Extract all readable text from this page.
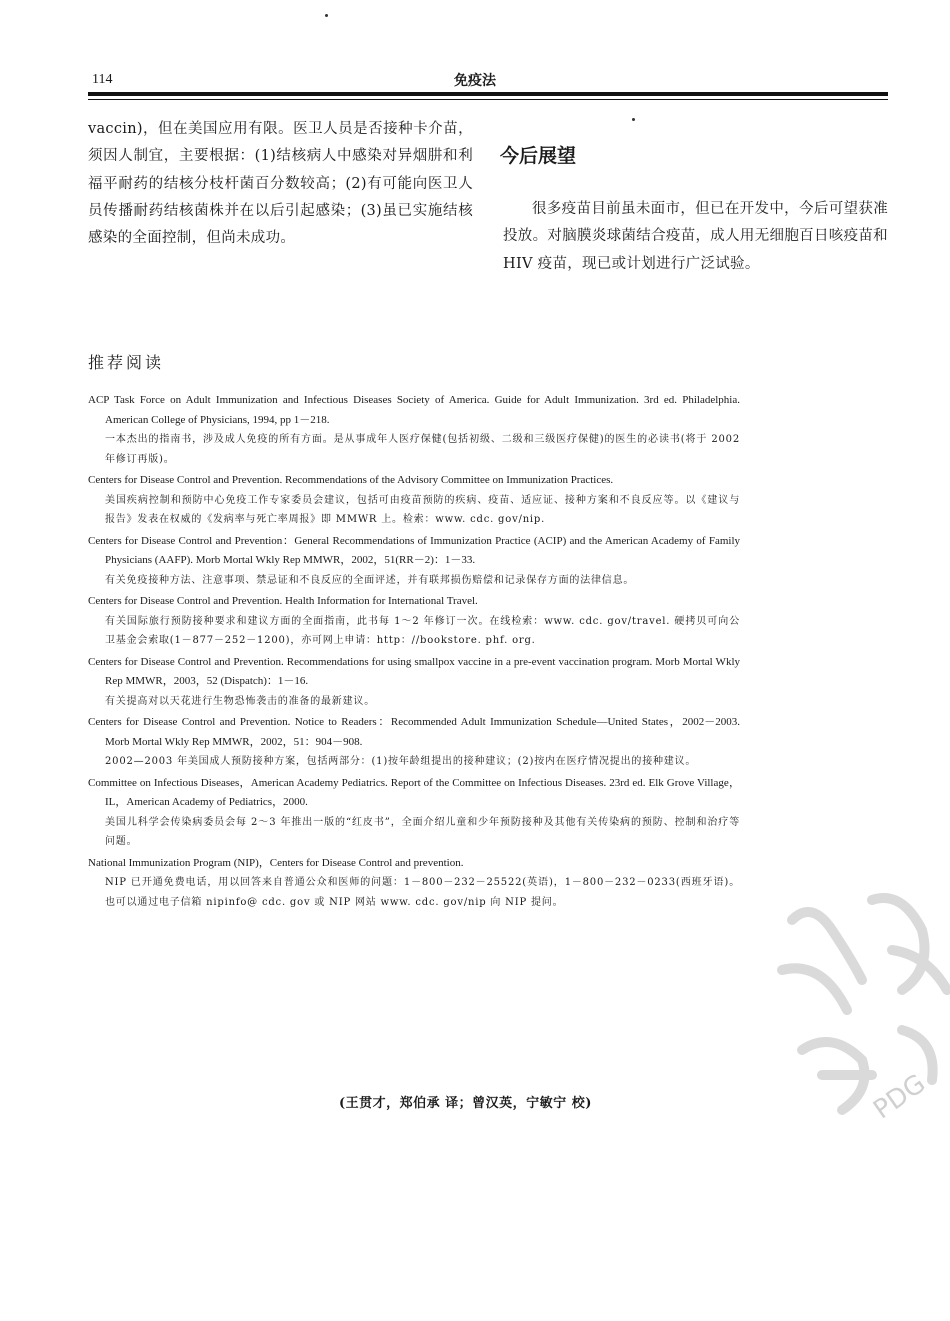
114	免疫法

vaccin)，但在美国应用有限。医卫人员是否接种卡介苗，须因人制宜，主要根据：(1)结核病人中感染对异烟肼和利福平耐药的结核分枝杆菌百分数较高；(2)有可能向医卫人员传播耐药结核菌株并在以后引起感染；(3)虽已实施结核感染的全面控制，但尚未成功。

今后展望

很多疫苗目前虽未面市，但已在开发中，今后可望获准投放。对脑膜炎球菌结合疫苗，成人用无细胞百日咳疫苗和 HIV 疫苗，现已或计划进行广泛试验。

推荐阅读
ACP Task Force on Adult Immunization and Infectious Diseases Society of America. Guide for Adult Immunization. 3rd ed. Philadelphia. American College of Physicians, 1994, pp 1－218.
一本杰出的指南书，涉及成人免疫的所有方面。是从事成年人医疗保健(包括初级、二级和三级医疗保健)的医生的必读书(将于 2002 年修订再版)。
Centers for Disease Control and Prevention. Recommendations of the Advisory Committee on Immunization Practices.
美国疾病控制和预防中心免疫工作专家委员会建议，包括可由疫苗预防的疾病、疫苗、适应证、接种方案和不良反应等。以《建议与报告》发表在权威的《发病率与死亡率周报》即 MMWR 上。检索：www. cdc. gov/nip.
Centers for Disease Control and Prevention：General Recommendations of Immunization Practice (ACIP) and the American Academy of Family Physicians (AAFP). Morb Mortal Wkly Rep MMWR，2002，51(RR－2)：1－33.
有关免疫接种方法、注意事项、禁忌证和不良反应的全面评述，并有联邦损伤赔偿和记录保存方面的法律信息。
Centers for Disease Control and Prevention. Health Information for International Travel.
有关国际旅行预防接种要求和建议方面的全面指南，此书每 1～2 年修订一次。在线检索：www. cdc. gov/travel. 硬拷贝可向公卫基金会索取(1－877－252－1200)，亦可网上申请：http：//bookstore. phf. org.
Centers for Disease Control and Prevention. Recommendations for using smallpox vaccine in a pre-event vaccination program. Morb Mortal Wkly Rep MMWR，2003，52 (Dispatch)：1－16.
有关提高对以天花进行生物恐怖袭击的准备的最新建议。
Centers for Disease Control and Prevention. Notice to Readers：Recommended Adult Immunization Schedule—United States，2002－2003. Morb Mortal Wkly Rep MMWR，2002，51：904－908.
2002—2003 年美国成人预防接种方案，包括两部分：(1)按年龄组提出的接种建议；(2)按内在医疗情况提出的接种建议。
Committee on Infectious Diseases，American Academy Pediatrics. Report of the Committee on Infectious Diseases. 23rd ed. Elk Grove Village，IL，American Academy of Pediatrics，2000.
美国儿科学会传染病委员会每 2～3 年推出一版的“红皮书”，全面介绍儿童和少年预防接种及其他有关传染病的预防、控制和治疗等问题。
National Immunization Program (NIP)，Centers for Disease Control and prevention.
NIP 已开通免费电话，用以回答来自普通公众和医师的问题：1－800－232－25522(英语)，1－800－232－0233(西班牙语)。也可以通过电子信箱 nipinfo@ cdc. gov 或 NIP 网站 www. cdc. gov/nip 向 NIP 提问。
(王贯才，郑伯承 译；曾汉英，宁敏宁 校)	PDG
